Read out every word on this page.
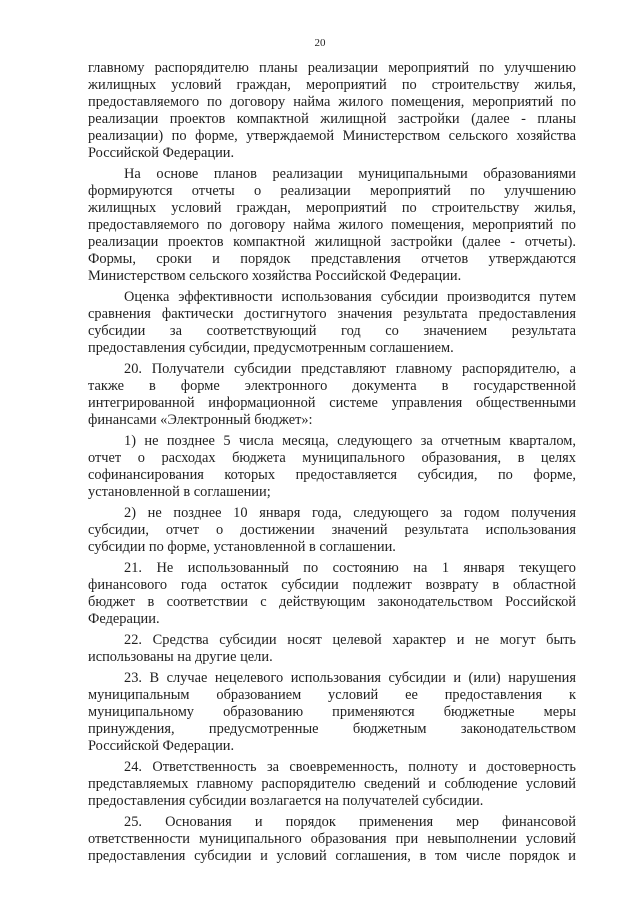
20
главному распорядителю планы реализации мероприятий по улучшению
жилищных условий граждан, мероприятий по строительству жилья,
предоставляемого по договору найма жилого помещения, мероприятий по
реализации проектов компактной жилищной застройки (далее - планы
реализации) по форме, утверждаемой Министерством сельского хозяйства
Российской Федерации.
На основе планов реализации муниципальными образованиями
формируются отчеты о реализации мероприятий по улучшению
жилищных условий граждан, мероприятий по строительству жилья,
предоставляемого по договору найма жилого помещения, мероприятий по
реализации проектов компактной жилищной застройки (далее - отчеты).
Формы, сроки и порядок представления отчетов утверждаются
Министерством сельского хозяйства Российской Федерации.
Оценка эффективности использования субсидии производится путем
сравнения фактически достигнутого значения результата предоставления
субсидии за соответствующий год со значением результата
предоставления субсидии, предусмотренным соглашением.
20. Получатели субсидии представляют главному распорядителю, а
также в форме электронного документа в государственной
интегрированной информационной системе управления общественными
финансами «Электронный бюджет»:
1) не позднее 5 числа месяца, следующего за отчетным кварталом,
отчет о расходах бюджета муниципального образования, в целях
софинансирования которых предоставляется субсидия, по форме,
установленной в соглашении;
2) не позднее 10 января года, следующего за годом получения
субсидии, отчет о достижении значений результата использования
субсидии по форме, установленной в соглашении.
21. Не использованный по состоянию на 1 января текущего
финансового года остаток субсидии подлежит возврату в областной
бюджет в соответствии с действующим законодательством Российской
Федерации.
22. Средства субсидии носят целевой характер и не могут быть
использованы на другие цели.
23. В случае нецелевого использования субсидии и (или) нарушения
муниципальным образованием условий ее предоставления к
муниципальному образованию применяются бюджетные меры
принуждения, предусмотренные бюджетным законодательством
Российской Федерации.
24. Ответственность за своевременность, полноту и достоверность
представляемых главному распорядителю сведений и соблюдение условий
предоставления субсидии возлагается на получателей субсидии.
25. Основания и порядок применения мер финансовой
ответственности муниципального образования при невыполнении условий
предоставления субсидии и условий соглашения, в том числе порядок и
